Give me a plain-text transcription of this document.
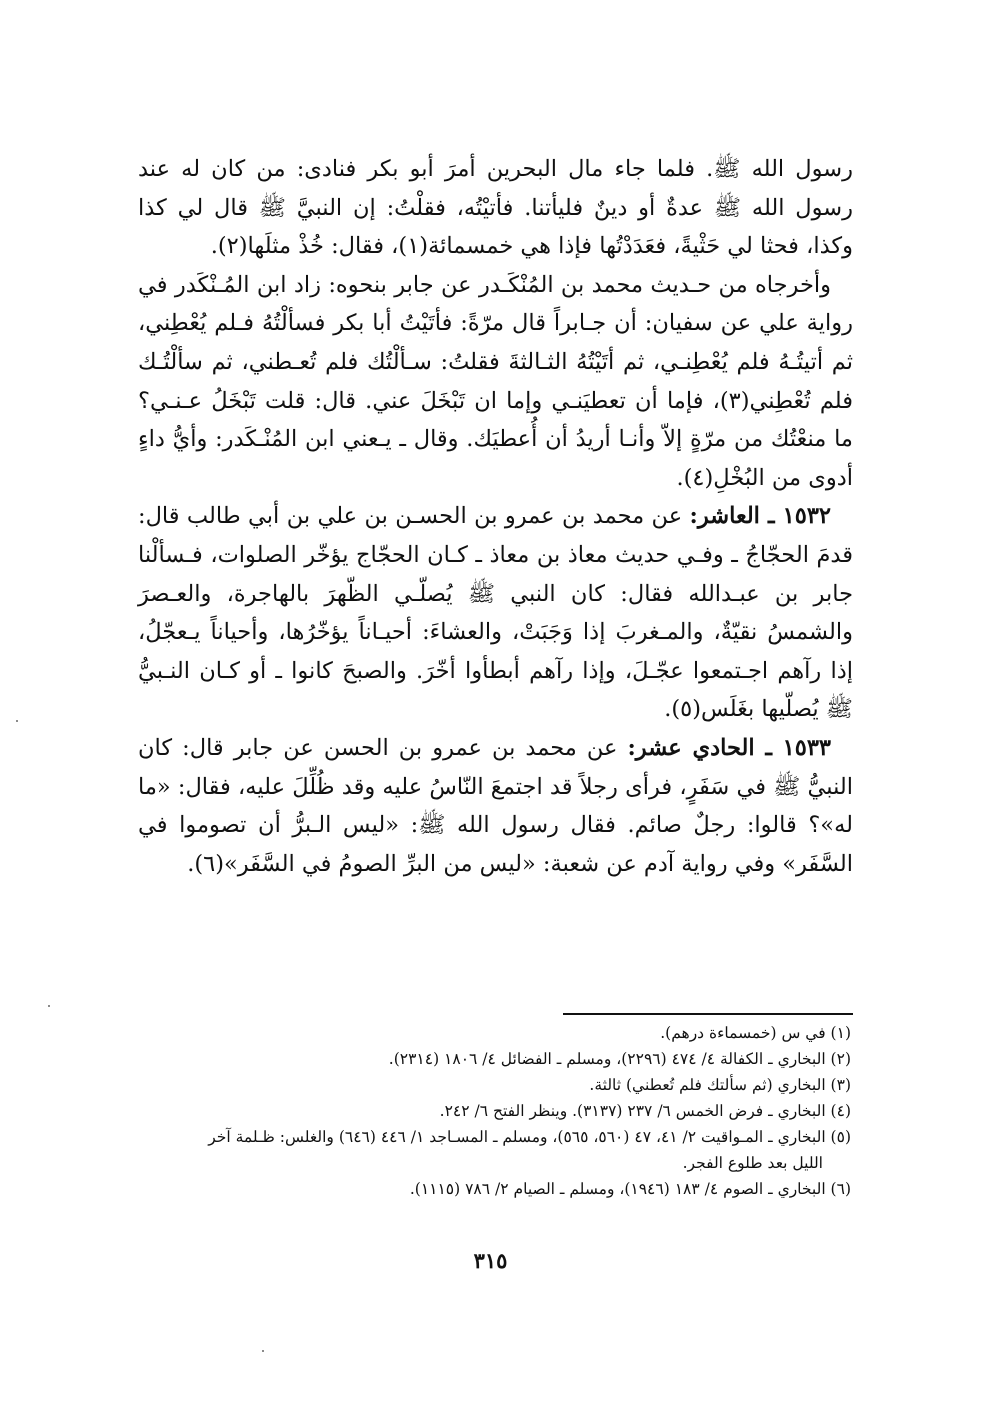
رسول الله ﷺ. فلما جاء مال البحرين أمرَ أبو بكر فنادى: من كان له عند رسول الله ﷺ عدةٌ أو دينٌ فليأتنا. فأتيْتُه، فقلْتُ: إن النبيَّ ﷺ قال لي كذا وكذا، فحثا لي حَثْيةً، فعَدَدْتُها فإذا هي خمسمائة(١)، فقال: خُذْ مثلَها(٢).

وأخرجاه من حـديث محمد بن المُنْكَـدر عن جابر بنحوه: زاد ابن المُـنْكَدر في رواية علي عن سفيان: أن جـابراً قال مرّةً: فأتَيْتُ أبا بكر فسألْتُهُ فـلم يُعْطِني، ثم أتيتُـهُ فلم يُعْطِنـي، ثم أتَيْتُهُ الثـالثةَ فقلتُ: سـألْتُك فلم تُعـطني، ثم سألْتُـك فلم تُعْطِني(٣)، فإما أن تعطيَنـي وإما ان تَبْخَلَ عني. قال: قلت تَبْخَلُ عـنـي؟ ما منعْتُك من مرّةٍ إلاّ وأنـا أريدُ أن أُعطيَك. وقال ـ يـعني ابن المُنْـكَدر: وأيُّ داءٍ أدوى من البُخْلِ(٤).

١٥٣٢ ـ العاشر: عن محمد بن عمرو بن الحسـن بن علي بن أبي طالب قال: قدمَ الحجّاجُ ـ وفـي حديث معاذ بن معاذ ـ كـان الحجّاج يؤخّر الصلوات، فـسألْنا جابر بن عبـدالله فقال: كان النبي ﷺ يُصلّـي الظّهرَ بالهاجرة، والعـصرَ والشمسُ نقيّةٌ، والمـغربَ إذا وَجَبَتْ، والعشاءَ: أحيـاناً يؤخّرُها، وأحياناً يـعجّلُ، إذا رآهم اجـتمعوا عجّـلَ، وإذا رآهم أبطأوا أخّرَ. والصبحَ كانوا ـ أو كـان النـبيُّ ﷺ يُصلّيها بغَلَس(٥).

١٥٣٣ ـ الحادي عشر: عن محمد بن عمرو بن الحسن عن جابر قال: كان النبيُّ ﷺ في سَفَرٍ، فرأى رجلاً قد اجتمعَ النّاسُ عليه وقد ظُلِّلَ عليه، فقال: «ما له»؟ قالوا: رجلٌ صائم. فقال رسول الله ﷺ: «ليس الـبرُّ أن تصوموا في السَّفَر» وفي رواية آدم عن شعبة: «ليس من البرِّ الصومُ في السَّفَر»(٦).

(١) في س (خمسماءة درهم).

(٢) البخاري ـ الكفالة ٤/ ٤٧٤ (٢٢٩٦)، ومسلم ـ الفضائل ٤/ ١٨٠٦ (٢٣١٤).

(٣) البخاري (ثم سألتك فلم تُعطني) ثالثة.

(٤) البخاري ـ فرض الخمس ٦/ ٢٣٧ (٣١٣٧). وينظر الفتح ٦/ ٢٤٢.

(٥) البخاري ـ المـواقيت ٢/ ٤١، ٤٧ (٥٦٠، ٥٦٥)، ومسلم ـ المسـاجد ١/ ٤٤٦ (٦٤٦) والغلس: ظـلمة آخر

الليل بعد طلوع الفجر.

(٦) البخاري ـ الصوم ٤/ ١٨٣ (١٩٤٦)، ومسلم ـ الصيام ٢/ ٧٨٦ (١١١٥).

٣١٥
